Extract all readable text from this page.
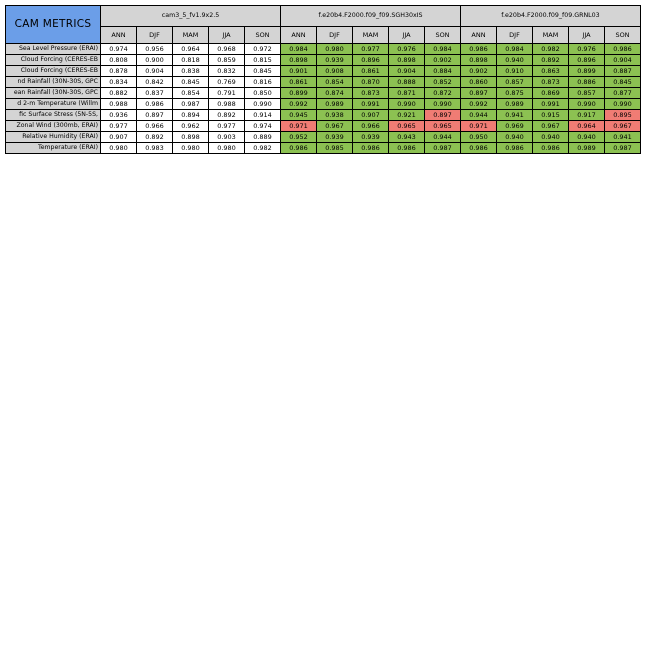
CAM METRICS	cam3_5_fv1.9x2.5					f.e20b4.F2000.f09_f09.SGH30xIS					f.e20b4.F2000.f09_f09.GRNL03				
	ANN	DJF	MAM	JJA	SON	ANN	DJF	MAM	JJA	SON	ANN	DJF	MAM	JJA	SON
Sea Level Pressure (ERAI)	0.974	0.956	0.964	0.968	0.972	0.984	0.980	0.977	0.976	0.984	0.986	0.984	0.982	0.976	0.986
Cloud Forcing (CERES-EB	0.808	0.900	0.818	0.859	0.815	0.898	0.939	0.896	0.898	0.902	0.898	0.940	0.892	0.896	0.904
Cloud Forcing (CERES-EB	0.878	0.904	0.838	0.832	0.845	0.901	0.908	0.861	0.904	0.884	0.902	0.910	0.863	0.899	0.887
nd Rainfall (30N-30S, GPC	0.834	0.842	0.845	0.769	0.816	0.861	0.854	0.870	0.888	0.852	0.860	0.857	0.873	0.886	0.845
ean Rainfall (30N-30S, GPC	0.882	0.837	0.854	0.791	0.850	0.899	0.874	0.873	0.871	0.872	0.897	0.875	0.869	0.857	0.877
d 2-m Temperature (Willm	0.988	0.986	0.987	0.988	0.990	0.992	0.989	0.991	0.990	0.990	0.992	0.989	0.991	0.990	0.990
fic Surface Stress (5N-5S,	0.936	0.897	0.894	0.892	0.914	0.945	0.938	0.907	0.921	0.897	0.944	0.941	0.915	0.917	0.895
Zonal Wind (300mb, ERAI)	0.977	0.966	0.962	0.977	0.974	0.971	0.967	0.966	0.965	0.965	0.971	0.969	0.967	0.964	0.967
Relative Humidity (ERAI)	0.907	0.892	0.898	0.903	0.889	0.952	0.939	0.939	0.943	0.944	0.950	0.940	0.940	0.940	0.941
Temperature (ERAI)	0.980	0.983	0.980	0.980	0.982	0.986	0.985	0.986	0.986	0.987	0.986	0.986	0.986	0.989	0.987
